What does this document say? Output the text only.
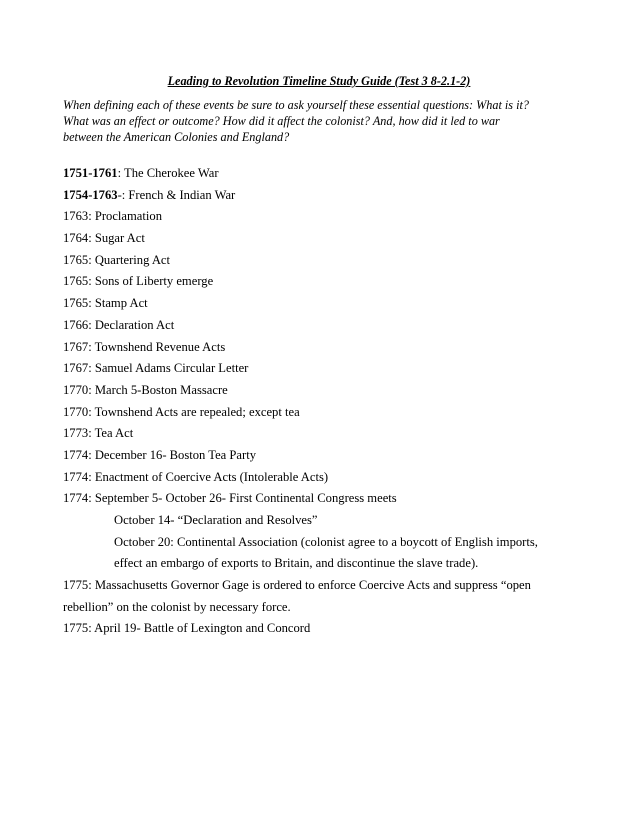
Leading to Revolution Timeline Study Guide (Test 3 8-2.1-2)
When defining each of these events be sure to ask yourself these essential questions: What is it?
What was an effect or outcome? How did it affect the colonist? And, how did it led to war
between the American Colonies and England?
1751-1761: The Cherokee War
1754-1763-: French & Indian War
1763: Proclamation
1764: Sugar Act
1765: Quartering Act
1765: Sons of Liberty emerge
1765: Stamp Act
1766: Declaration Act
1767: Townshend Revenue Acts
1767: Samuel Adams Circular Letter
1770: March 5-Boston Massacre
1770: Townshend Acts are repealed; except tea
1773: Tea Act
1774: December 16- Boston Tea Party
1774: Enactment of Coercive Acts (Intolerable Acts)
1774: September 5- October 26- First Continental Congress meets
October 14- “Declaration and Resolves”
October 20: Continental Association (colonist agree to a boycott of English imports,
effect an embargo of exports to Britain, and discontinue the slave trade).
1775: Massachusetts Governor Gage is ordered to enforce Coercive Acts and suppress “open
rebellion” on the colonist by necessary force.
1775: April 19- Battle of Lexington and Concord
